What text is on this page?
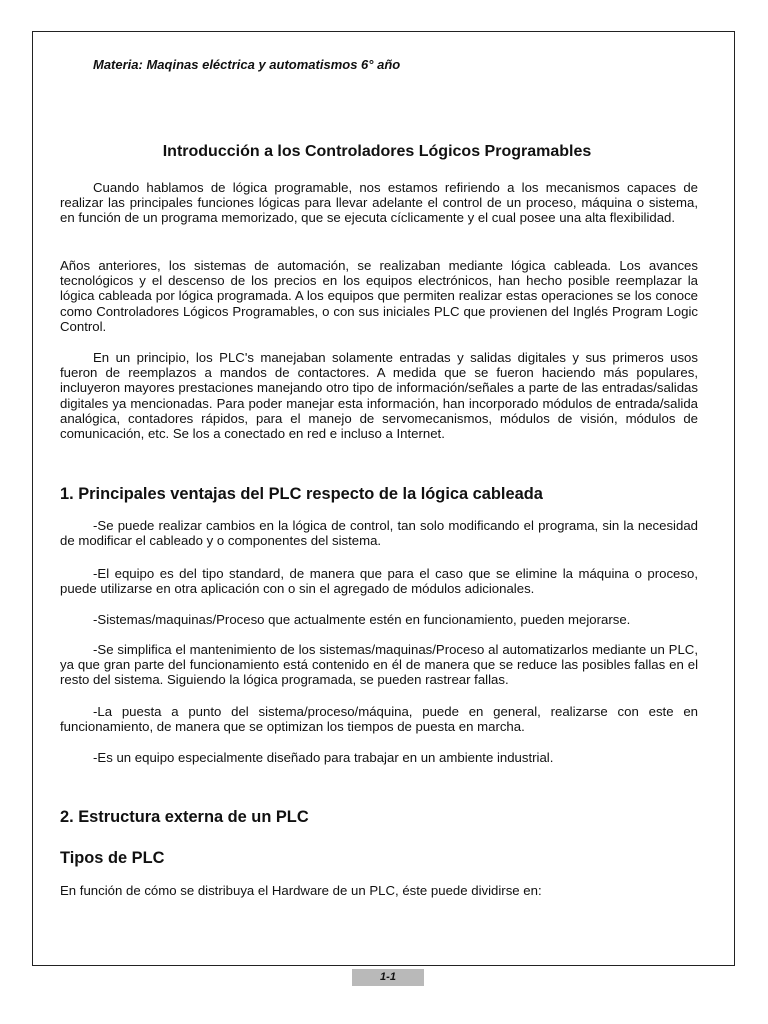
Materia: Maqinas eléctrica y automatismos 6° año

Introducción a los Controladores Lógicos Programables

Cuando hablamos de lógica programable, nos estamos refiriendo a los mecanismos capaces de realizar las principales funciones lógicas para llevar adelante el control de un proceso, máquina o sistema, en función de un programa memorizado, que se ejecuta cíclicamente y el cual posee una alta flexibilidad.

Años anteriores, los sistemas de automación, se realizaban mediante lógica cableada. Los avances tecnológicos y el descenso de los precios en los equipos electrónicos, han hecho posible reemplazar la lógica cableada por lógica programada. A los equipos que permiten realizar estas operaciones se los conoce como Controladores Lógicos Programables, o con sus iniciales PLC que provienen del Inglés Program Logic Control.

En un principio, los PLC's manejaban solamente entradas y salidas digitales y sus primeros usos fueron de reemplazos a mandos de contactores. A medida que se fueron haciendo más populares, incluyeron mayores prestaciones manejando otro tipo de información/señales a parte de las entradas/salidas digitales ya mencionadas. Para poder manejar esta información, han incorporado módulos de entrada/salida analógica, contadores rápidos, para el manejo de servomecanismos, módulos de visión, módulos de comunicación, etc. Se los a conectado en red e incluso a Internet.

1. Principales ventajas del PLC respecto de la lógica cableada

-Se puede realizar cambios en la lógica de control, tan solo modificando el programa, sin la necesidad de modificar el cableado y o componentes del sistema.

-El equipo es del tipo standard, de manera que para el caso que se elimine la máquina o proceso, puede utilizarse en otra aplicación con o sin el agregado de módulos adicionales.

-Sistemas/maquinas/Proceso que actualmente estén en funcionamiento, pueden mejorarse.

-Se simplifica el mantenimiento de los sistemas/maquinas/Proceso al automatizarlos mediante un PLC, ya que gran parte del funcionamiento está contenido en él de manera que se reduce las posibles fallas en el resto del sistema. Siguiendo la lógica programada, se pueden rastrear fallas.

-La puesta a punto del sistema/proceso/máquina, puede en general, realizarse con este en funcionamiento, de manera que se optimizan los tiempos de puesta en marcha.

-Es un equipo especialmente diseñado para trabajar en un ambiente industrial.

2. Estructura externa de un PLC
Tipos de PLC

En función de cómo se distribuya el Hardware de un PLC, éste puede dividirse en:

1-1
